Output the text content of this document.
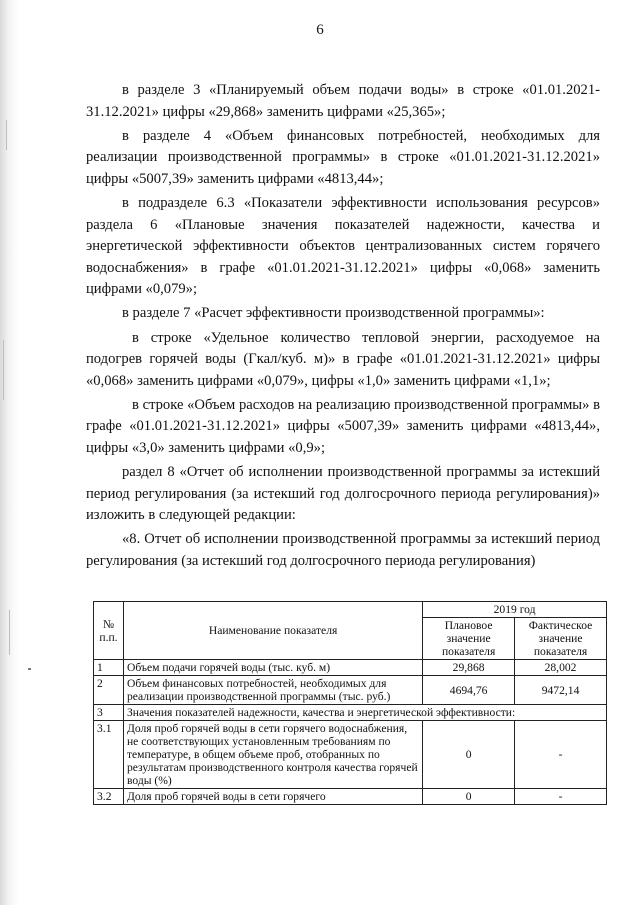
6

в разделе 3 «Планируемый объем подачи воды» в строке «01.01.2021-31.12.2021» цифры «29,868» заменить цифрами «25,365»;

в разделе 4 «Объем финансовых потребностей, необходимых для реализации производственной программы» в строке «01.01.2021-31.12.2021» цифры «5007,39» заменить цифрами «4813,44»;

в подразделе 6.3 «Показатели эффективности использования ресурсов» раздела 6 «Плановые значения показателей надежности, качества и энергетической эффективности объектов централизованных систем горячего водоснабжения» в графе «01.01.2021-31.12.2021» цифры «0,068» заменить цифрами «0,079»;

в разделе 7 «Расчет эффективности производственной программы»:

в строке «Удельное количество тепловой энергии, расходуемое на подогрев горячей воды (Гкал/куб. м)» в графе «01.01.2021-31.12.2021» цифры «0,068» заменить цифрами «0,079», цифры «1,0» заменить цифрами «1,1»;

в строке «Объем расходов на реализацию производственной программы» в графе «01.01.2021-31.12.2021» цифры «5007,39» заменить цифрами «4813,44», цифры «3,0» заменить цифрами «0,9»;

раздел 8 «Отчет об исполнении производственной программы за истекший период регулирования (за истекший год долгосрочного периода регулирования)» изложить в следующей редакции:

«8. Отчет об исполнении производственной программы за истекший период регулирования (за истекший год долгосрочного периода регулирования)

№ п.п.	Наименование показателя	2019 год	
		Плановое значение показателя	Фактическое значение показателя
1	Объем подачи горячей воды (тыс. куб. м)	29,868	28,002
2	Объем финансовых потребностей, необходимых для реализации производственной программы (тыс. руб.)	4694,76	9472,14
3	Значения показателей надежности, качества и энергетической эффективности:		
3.1	Доля проб горячей воды в сети горячего водоснабжения, не соответствующих установленным требованиям по температуре, в общем объеме проб, отобранных по результатам производственного контроля качества горячей воды (%)	0	-
3.2	Доля проб горячей воды в сети горячего	0	-
